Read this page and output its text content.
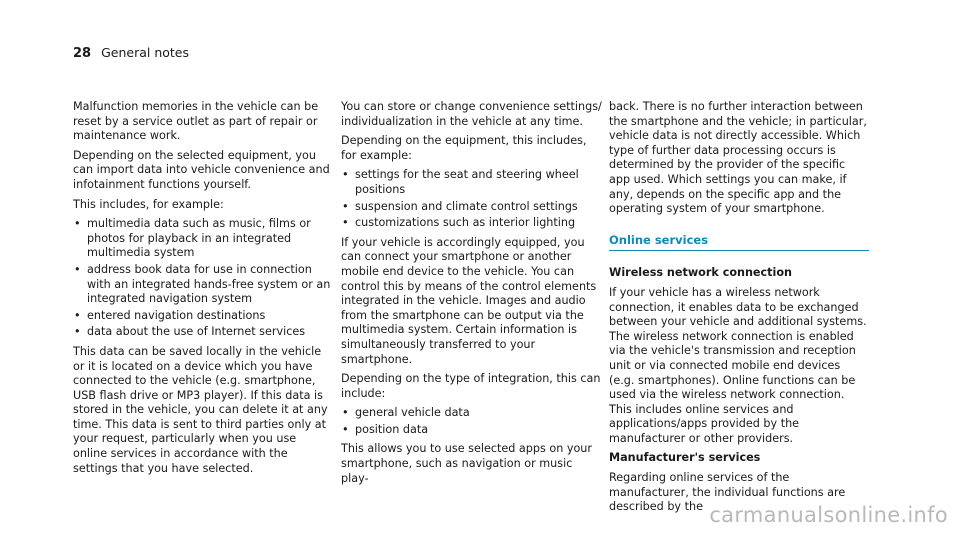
28 General notes

Malfunction memories in the vehicle can be reset by a service outlet as part of repair or maintenance work.

Depending on the selected equipment, you can import data into vehicle convenience and infotainment functions yourself.

This includes, for example:

• multimedia data such as music, films or photos for playback in an integrated multimedia system
• address book data for use in connection with an integrated hands-free system or an integrated navigation system
• entered navigation destinations
• data about the use of Internet services

This data can be saved locally in the vehicle or it is located on a device which you have connected to the vehicle (e.g. smartphone, USB flash drive or MP3 player). If this data is stored in the vehicle, you can delete it at any time. This data is sent to third parties only at your request, particularly when you use online services in accordance with the settings that you have selected.

You can store or change convenience settings/ individualization in the vehicle at any time.

Depending on the equipment, this includes, for example:

• settings for the seat and steering wheel positions
• suspension and climate control settings
• customizations such as interior lighting

If your vehicle is accordingly equipped, you can connect your smartphone or another mobile end device to the vehicle. You can control this by means of the control elements integrated in the vehicle. Images and audio from the smartphone can be output via the multimedia system. Certain information is simultaneously transferred to your smartphone.

Depending on the type of integration, this can include:

• general vehicle data
• position data

This allows you to use selected apps on your smartphone, such as navigation or music play-

back. There is no further interaction between the smartphone and the vehicle; in particular, vehicle data is not directly accessible. Which type of further data processing occurs is determined by the provider of the specific app used. Which settings you can make, if any, depends on the specific app and the operating system of your smartphone.

Online services

Wireless network connection

If your vehicle has a wireless network connection, it enables data to be exchanged between your vehicle and additional systems. The wireless network connection is enabled via the vehicle's transmission and reception unit or via connected mobile end devices (e.g. smartphones). Online functions can be used via the wireless network connection. This includes online services and applications/apps provided by the manufacturer or other providers.

Manufacturer's services

Regarding online services of the manufacturer, the individual functions are described by the carmanualsonline.info
